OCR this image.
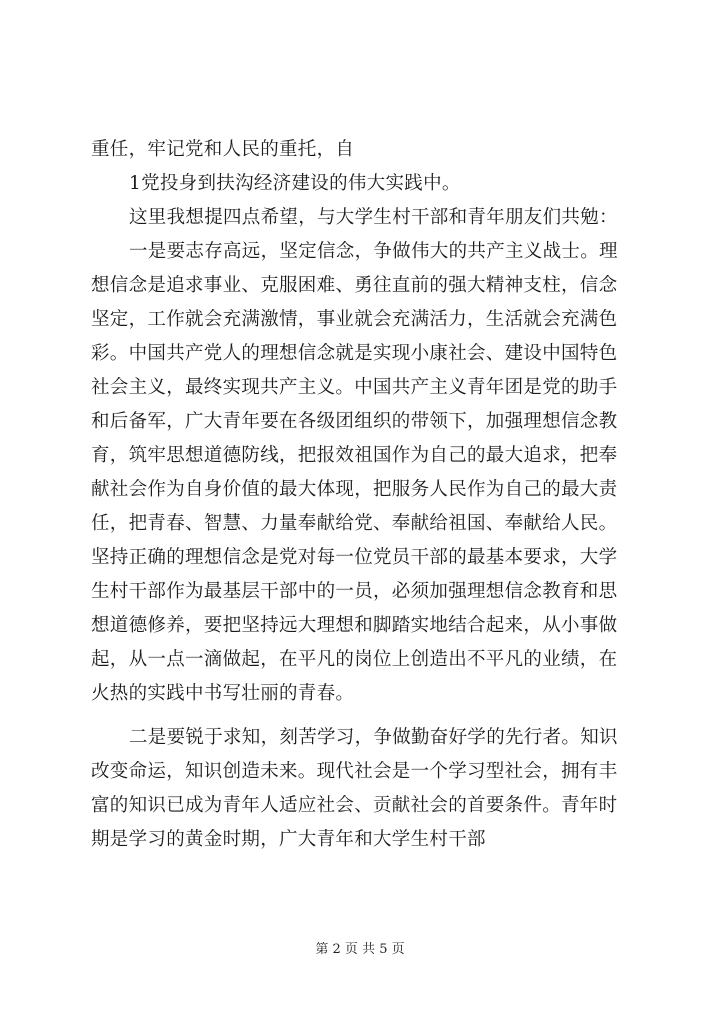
重任，牢记党和人民的重托，自
1党投身到扶沟经济建设的伟大实践中。
这里我想提四点希望，与大学生村干部和青年朋友们共勉：
一是要志存高远，坚定信念，争做伟大的共产主义战士。理
想信念是追求事业、克服困难、勇往直前的强大精神支柱，信念
坚定，工作就会充满激情，事业就会充满活力，生活就会充满色
彩。中国共产党人的理想信念就是实现小康社会、建设中国特色
社会主义，最终实现共产主义。中国共产主义青年团是党的助手
和后备军，广大青年要在各级团组织的带领下，加强理想信念教
育，筑牢思想道德防线，把报效祖国作为自己的最大追求，把奉
献社会作为自身价值的最大体现，把服务人民作为自己的最大责
任，把青春、智慧、力量奉献给党、奉献给祖国、奉献给人民。
坚持正确的理想信念是党对每一位党员干部的最基本要求，大学
生村干部作为最基层干部中的一员，必须加强理想信念教育和思
想道德修养，要把坚持远大理想和脚踏实地结合起来，从小事做
起，从一点一滴做起，在平凡的岗位上创造出不平凡的业绩，在
火热的实践中书写壮丽的青春。
二是要锐于求知，刻苦学习，争做勤奋好学的先行者。知识
改变命运，知识创造未来。现代社会是一个学习型社会，拥有丰
富的知识已成为青年人适应社会、贡献社会的首要条件。青年时
期是学习的黄金时期，广大青年和大学生村干部
第 2 页 共 5 页
